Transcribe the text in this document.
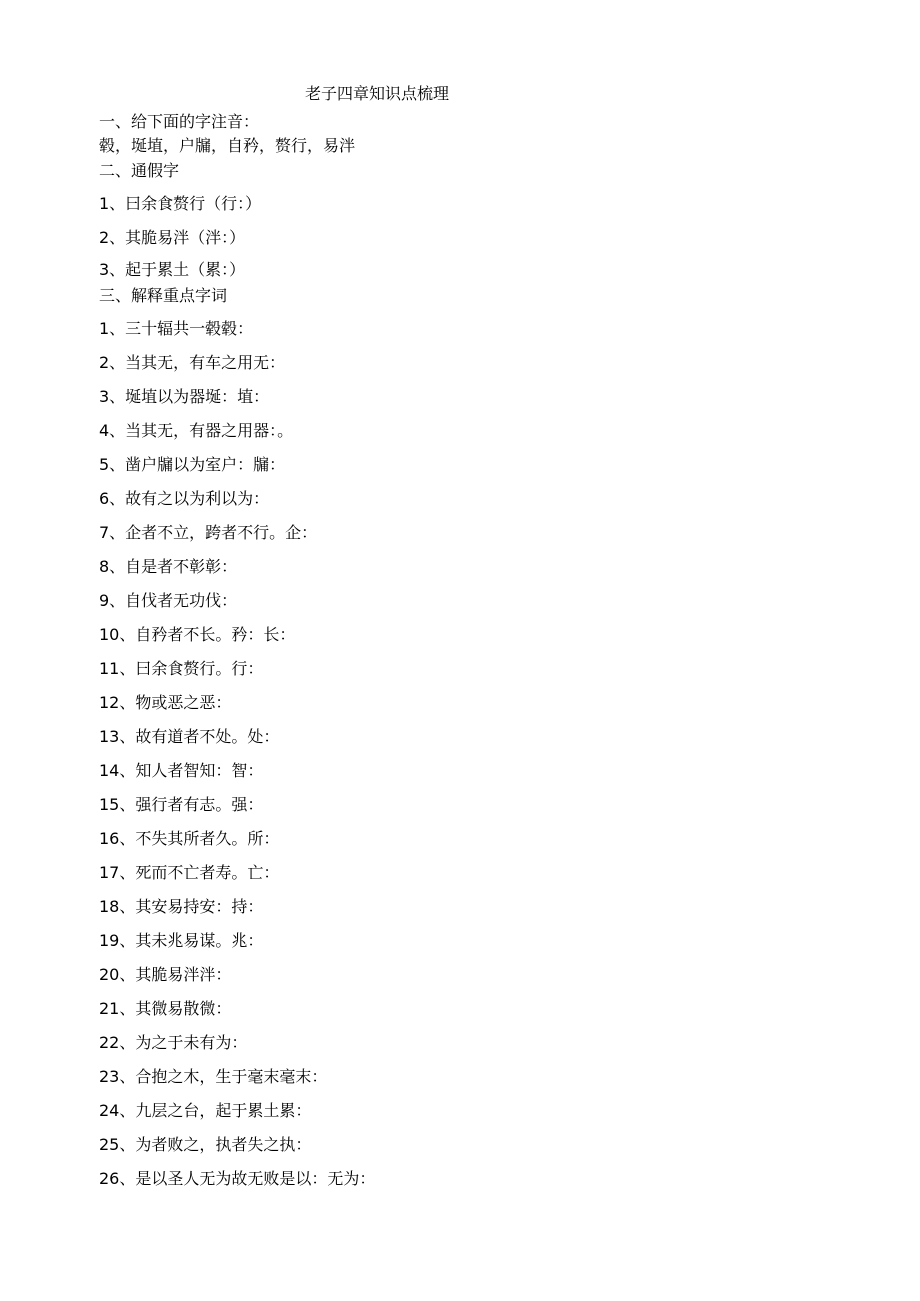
老子四章知识点梳理
一、给下面的字注音：
毂，埏埴，户牖，自矜，赘行，易泮
二、通假字
1、曰余食赘行（行：）
2、其脆易泮（泮：）
3、起于累土（累：）
三、解释重点字词
1、三十辐共一毂毂：
2、当其无，有车之用无：
3、埏埴以为器埏：埴：
4、当其无，有器之用器：。
5、凿户牖以为室户：牖：
6、故有之以为利以为：
7、企者不立，跨者不行。企：
8、自是者不彰彰：
9、自伐者无功伐：
10、自矜者不长。矜：长：
11、曰余食赘行。行：
12、物或恶之恶：
13、故有道者不处。处：
14、知人者智知：智：
15、强行者有志。强：
16、不失其所者久。所：
17、死而不亡者寿。亡：
18、其安易持安：持：
19、其未兆易谋。兆：
20、其脆易泮泮：
21、其微易散微：
22、为之于未有为：
23、合抱之木，生于毫末毫末：
24、九层之台，起于累土累：
25、为者败之，执者失之执：
26、是以圣人无为故无败是以：无为：
